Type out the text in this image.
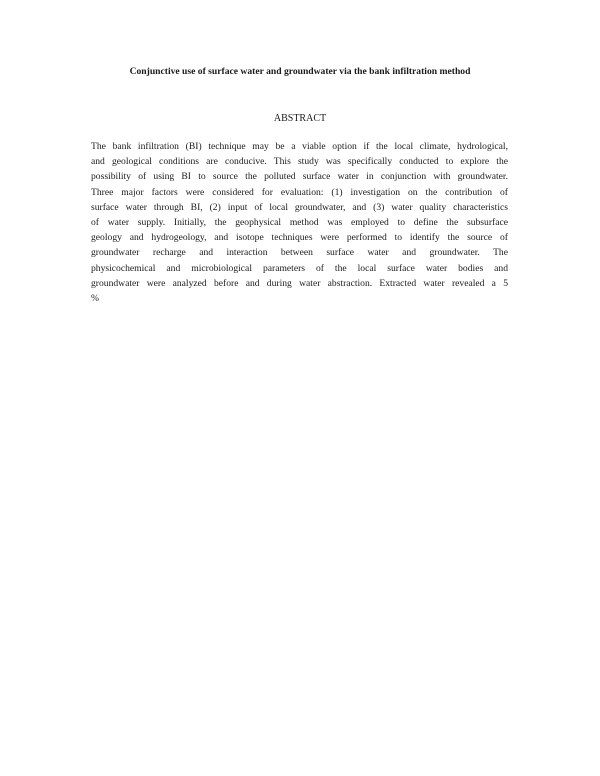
Conjunctive use of surface water and groundwater via the bank infiltration method
ABSTRACT
The bank infiltration (BI) technique may be a viable option if the local climate, hydrological,
and geological conditions are conducive. This study was specifically conducted to explore the
possibility of using BI to source the polluted surface water in conjunction with groundwater.
Three major factors were considered for evaluation: (1) investigation on the contribution of
surface water through BI, (2) input of local groundwater, and (3) water quality characteristics
of water supply. Initially, the geophysical method was employed to define the subsurface
geology and hydrogeology, and isotope techniques were performed to identify the source of
groundwater recharge and interaction between surface water and groundwater. The
physicochemical and microbiological parameters of the local surface water bodies and
groundwater were analyzed before and during water abstraction. Extracted water revealed a 5
%
